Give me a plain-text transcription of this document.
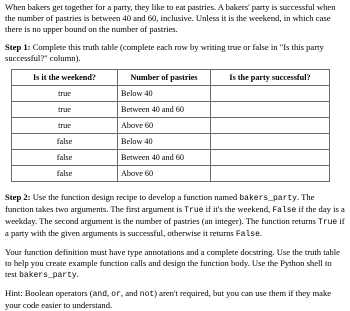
When bakers get together for a party, they like to eat pastries. A bakers' party is successful when the number of pastries is between 40 and 60, inclusive. Unless it is the weekend, in which case there is no upper bound on the number of pastries.

Step 1: Complete this truth table (complete each row by writing true or false in "Is this party successful?" column).

Is it the weekend?	Number of pastries	Is the party successful?
true	Below 40	
true	Between 40 and 60	
true	Above 60	
false	Below 40	
false	Between 40 and 60	
false	Above 60	

Step 2: Use the function design recipe to develop a function named bakers_party. The function takes two arguments. The first argument is True if it's the weekend, False if the day is a weekday. The second argument is the number of pastries (an integer). The function returns True if a party with the given arguments is successful, otherwise it returns False.

Your function definition must have type annotations and a complete docstring. Use the truth table to help you create example function calls and design the function body. Use the Python shell to test bakers_party.

Hint: Boolean operators (and, or, and not) aren't required, but you can use them if they make your code easier to understand.
